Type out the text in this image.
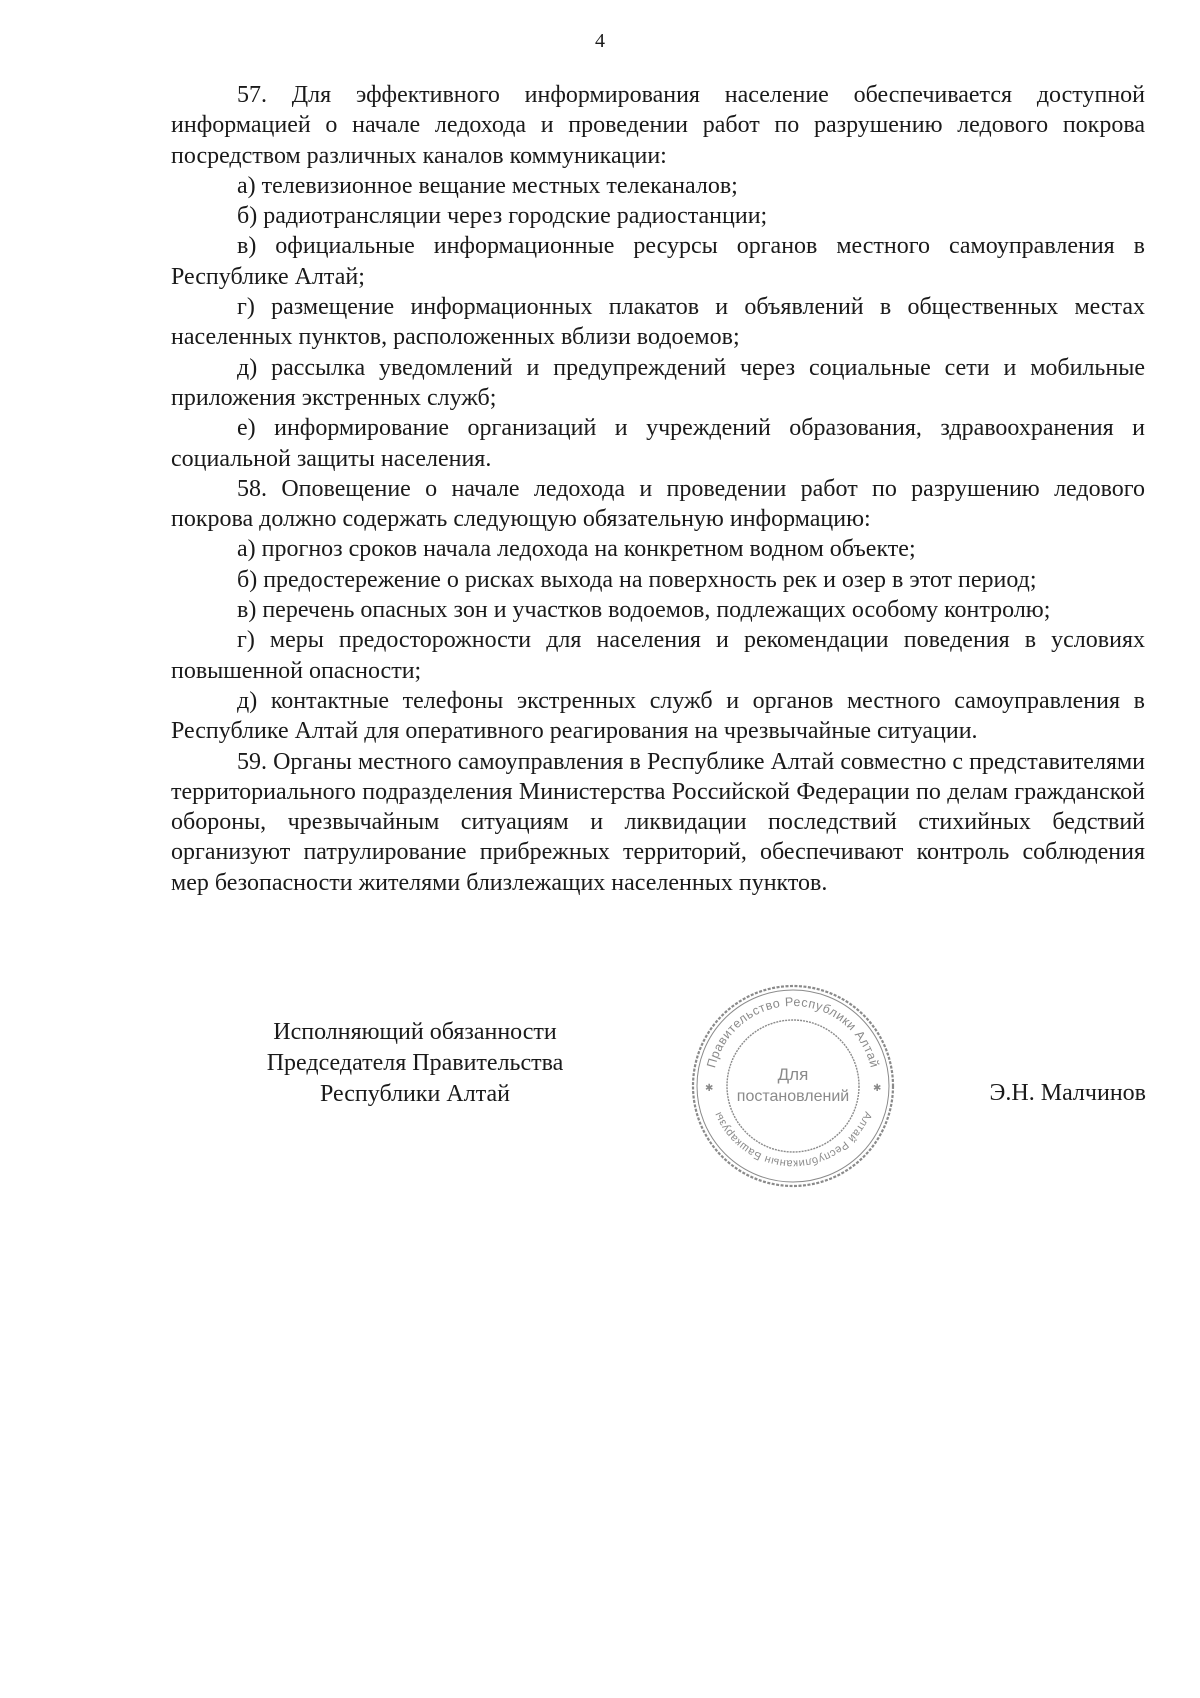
4

57. Для эффективного информирования население обеспечивается доступной информацией о начале ледохода и проведении работ по разрушению ледового покрова посредством различных каналов коммуникации:

а) телевизионное вещание местных телеканалов;

б) радиотрансляции через городские радиостанции;

в) официальные информационные ресурсы органов местного самоуправления в Республике Алтай;

г) размещение информационных плакатов и объявлений в общественных местах населенных пунктов, расположенных вблизи водоемов;

д) рассылка уведомлений и предупреждений через социальные сети и мобильные приложения экстренных служб;

е) информирование организаций и учреждений образования, здравоохранения и социальной защиты населения.

58. Оповещение о начале ледохода и проведении работ по разрушению ледового покрова должно содержать следующую обязательную информацию:

а) прогноз сроков начала ледохода на конкретном водном объекте;

б) предостережение о рисках выхода на поверхность рек и озер в этот период;

в) перечень опасных зон и участков водоемов, подлежащих особому контролю;

г) меры предосторожности для населения и рекомендации поведения в условиях повышенной опасности;

д) контактные телефоны экстренных служб и органов местного самоуправления в Республике Алтай для оперативного реагирования на чрезвычайные ситуации.

59. Органы местного самоуправления в Республике Алтай совместно с представителями территориального подразделения Министерства Российской Федерации по делам гражданской обороны, чрезвычайным ситуациям и ликвидации последствий стихийных бедствий организуют патрулирование прибрежных территорий, обеспечивают контроль соблюдения мер безопасности жителями близлежащих населенных пунктов.

Исполняющий обязанности
Председателя Правительства
Республики Алтай
Правительство Республики Алтай
Алтай Республиканын Башкарузы
Для
постановлений
✱	✱	Э.Н. Малчинов
